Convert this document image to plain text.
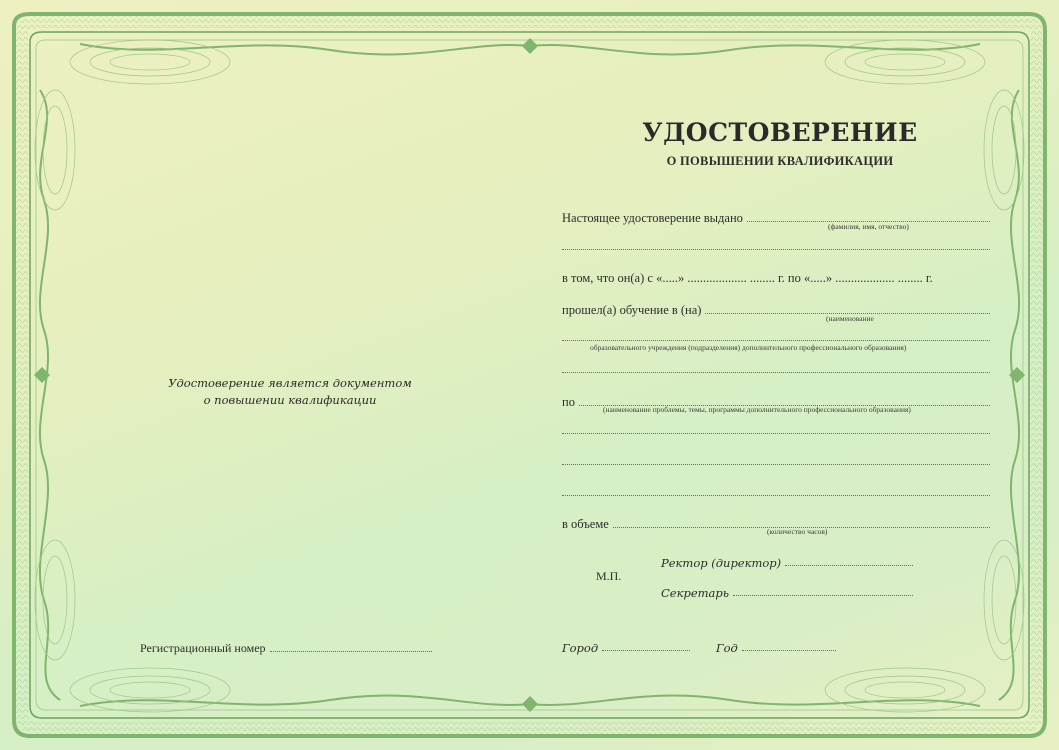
УДОСТОВЕРЕНИЕ
О ПОВЫШЕНИИ КВАЛИФИКАЦИИ
Настоящее удостоверение выдано
(фамилия, имя, отчество)
в том, что он(а) с «.....» ................... ........ г. по «.....» ................... ........ г.
прошел(а) обучение в (на)
(наименование
образовательного учреждения (подразделения) дополнительного профессионального образования)
по
(наименование проблемы, темы, программы дополнительного профессионального образования)
в объеме
(количество часов)
М.П.
Ректор (директор)
Секретарь
Город	Год
Удостоверение является документом
о повышении квалификации
Регистрационный номер
